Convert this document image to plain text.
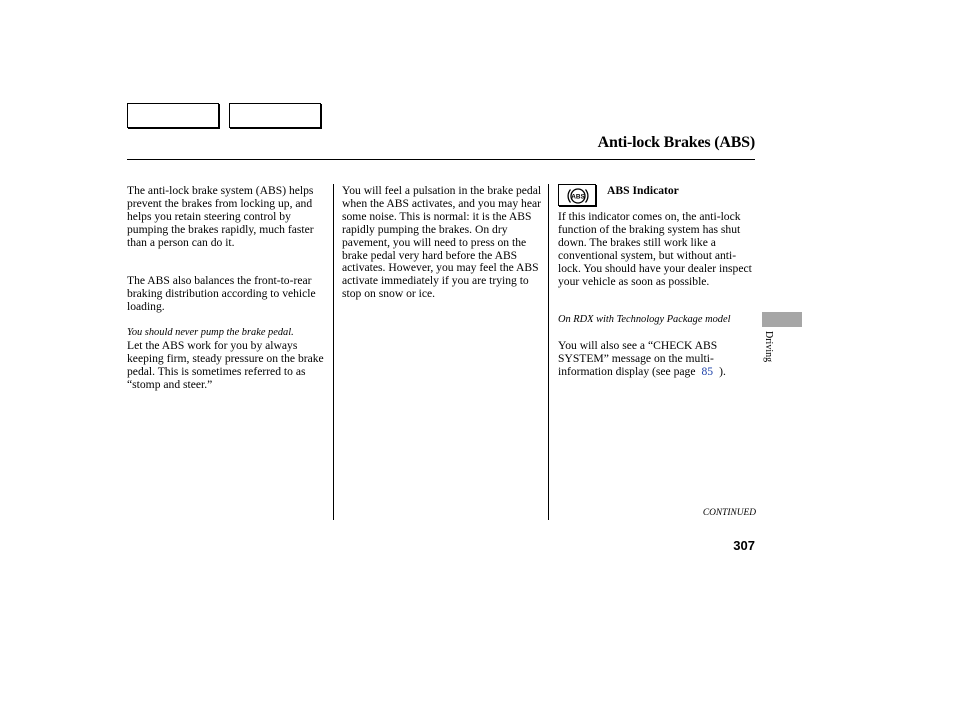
Anti-lock Brakes (ABS)

The anti-lock brake system (ABS) helps prevent the brakes from locking up, and helps you retain steering control by pumping the brakes rapidly, much faster than a person can do it.

The ABS also balances the front-to-rear braking distribution according to vehicle loading.

You should never pump the brake pedal.

Let the ABS work for you by always keeping firm, steady pressure on the brake pedal. This is sometimes referred to as “stomp and steer.”

You will feel a pulsation in the brake pedal when the ABS activates, and you may hear some noise. This is normal: it is the ABS rapidly pumping the brakes. On dry pavement, you will need to press on the brake pedal very hard before the ABS activates. However, you may feel the ABS activate immediately if you are trying to stop on snow or ice.

ABS ABS Indicator

If this indicator comes on, the anti-lock function of the braking system has shut down. The brakes still work like a conventional system, but without anti-lock. You should have your dealer inspect your vehicle as soon as possible.

On RDX with Technology Package model

You will also see a “CHECK ABS SYSTEM” message on the multi-information display (see page 85 ).

Driving
CONTINUED
307
